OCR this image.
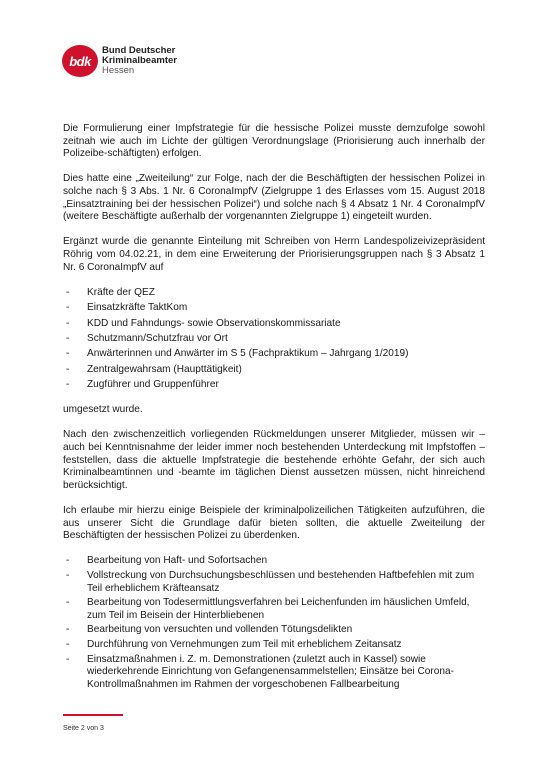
bdk
Bund Deutscher
Kriminalbeamter
Hessen

Die Formulierung einer Impfstrategie für die hessische Polizei musste demzufolge sowohl zeitnah wie auch im Lichte der gültigen Verordnungslage (Priorisierung auch innerhalb der Polizeibe-schäftigten) erfolgen.

Dies hatte eine „Zweiteilung“ zur Folge, nach der die Beschäftigten der hessischen Polizei in solche nach § 3 Abs. 1 Nr. 6 CoronaImpfV (Zielgruppe 1 des Erlasses vom 15. August 2018 „Einsatztraining bei der hessischen Polizei“) und solche nach § 4 Absatz 1 Nr. 4 CoronaImpfV (weitere Beschäftigte außerhalb der vorgenannten Zielgruppe 1) eingeteilt wurden.

Ergänzt wurde die genannte Einteilung mit Schreiben von Herrn Landespolizeivizepräsident Röhrig vom 04.02.21, in dem eine Erweiterung der Priorisierungsgruppen nach § 3 Absatz 1 Nr. 6 CoronaImpfV auf

- Kräfte der QEZ
- Einsatzkräfte TaktKom
- KDD und Fahndungs- sowie Observationskommissariate
- Schutzmann/Schutzfrau vor Ort
- Anwärterinnen und Anwärter im S 5 (Fachpraktikum – Jahrgang 1/2019)
- Zentralgewahrsam (Haupttätigkeit)
- Zugführer und Gruppenführer

umgesetzt wurde.

Nach den zwischenzeitlich vorliegenden Rückmeldungen unserer Mitglieder, müssen wir – auch bei Kenntnisnahme der leider immer noch bestehenden Unterdeckung mit Impfstoffen – feststellen, dass die aktuelle Impfstrategie die bestehende erhöhte Gefahr, der sich auch Kriminalbeamtinnen und -beamte im täglichen Dienst aussetzen müssen, nicht hinreichend berücksichtigt.

Ich erlaube mir hierzu einige Beispiele der kriminalpolizeilichen Tätigkeiten aufzuführen, die aus unserer Sicht die Grundlage dafür bieten sollten, die aktuelle Zweiteilung der Beschäftigten der hessischen Polizei zu überdenken.

- Bearbeitung von Haft- und Sofortsachen
- Vollstreckung von Durchsuchungsbeschlüssen und bestehenden Haftbefehlen mit zum Teil erheblichem Kräfteansatz
- Bearbeitung von Todesermittlungsverfahren bei Leichenfunden im häuslichen Umfeld, zum Teil im Beisein der Hinterbliebenen
- Bearbeitung von versuchten und vollenden Tötungsdelikten
- Durchführung von Vernehmungen zum Teil mit erheblichem Zeitansatz
- Einsatzmaßnahmen i. Z. m. Demonstrationen (zuletzt auch in Kassel) sowie wiederkehrende Einrichtung von Gefangenensammelstellen; Einsätze bei Corona-Kontrollmaßnahmen im Rahmen der vorgeschobenen Fallbearbeitung
Seite 2 von 3
